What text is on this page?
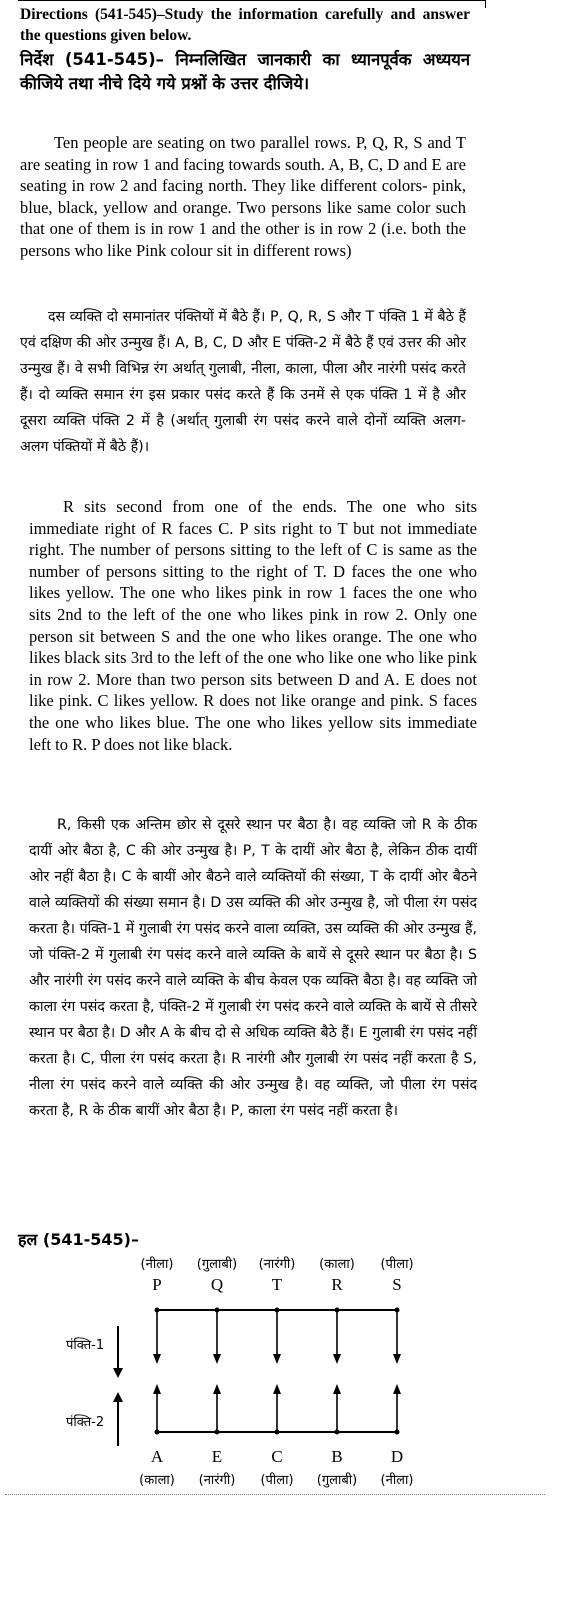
Directions (541-545)–Study the information carefully and answer the questions given below.
निर्देश (541-545)– निम्नलिखित जानकारी का ध्यानपूर्वक अध्ययन कीजिये तथा नीचे दिये गये प्रश्नों के उत्तर दीजिये।
Ten people are seating on two parallel rows. P, Q, R, S and T are seating in row 1 and facing towards south. A, B, C, D and E are seating in row 2 and facing north. They like different colors- pink, blue, black, yellow and orange. Two persons like same color such that one of them is in row 1 and the other is in row 2 (i.e. both the persons who like Pink colour sit in different rows)
दस व्यक्ति दो समानांतर पंक्तियों में बैठे हैं। P, Q, R, S और T पंक्ति 1 में बैठे हैं एवं दक्षिण की ओर उन्मुख हैं। A, B, C, D और E पंक्ति-2 में बैठे हैं एवं उत्तर की ओर उन्मुख हैं। वे सभी विभिन्न रंग अर्थात् गुलाबी, नीला, काला, पीला और नारंगी पसंद करते हैं। दो व्यक्ति समान रंग इस प्रकार पसंद करते हैं कि उनमें से एक पंक्ति 1 में है और दूसरा व्यक्ति पंक्ति 2 में है (अर्थात् गुलाबी रंग पसंद करने वाले दोनों व्यक्ति अलग-अलग पंक्तियों में बैठे हैं)।
R sits second from one of the ends. The one who sits immediate right of R faces C. P sits right to T but not immediate right. The number of persons sitting to the left of C is same as the number of persons sitting to the right of T. D faces the one who likes yellow. The one who likes pink in row 1 faces the one who sits 2nd to the left of the one who likes pink in row 2. Only one person sit between S and the one who likes orange. The one who likes black sits 3rd to the left of the one who like one who like pink in row 2. More than two person sits between D and A. E does not like pink. C likes yellow. R does not like orange and pink. S faces the one who likes blue. The one who likes yellow sits immediate left to R. P does not like black.
R, किसी एक अन्तिम छोर से दूसरे स्थान पर बैठा है। वह व्यक्ति जो R के ठीक दायीं ओर बैठा है, C की ओर उन्मुख है। P, T के दायीं ओर बैठा है, लेकिन ठीक दायीं ओर नहीं बैठा है। C के बायीं ओर बैठने वाले व्यक्तियों की संख्या, T के दायीं ओर बैठने वाले व्यक्तियों की संख्या समान है। D उस व्यक्ति की ओर उन्मुख है, जो पीला रंग पसंद करता है। पंक्ति-1 में गुलाबी रंग पसंद करने वाला व्यक्ति, उस व्यक्ति की ओर उन्मुख हैं, जो पंक्ति-2 में गुलाबी रंग पसंद करने वाले व्यक्ति के बायें से दूसरे स्थान पर बैठा है। S और नारंगी रंग पसंद करने वाले व्यक्ति के बीच केवल एक व्यक्ति बैठा है। वह व्यक्ति जो काला रंग पसंद करता है, पंक्ति-2 में गुलाबी रंग पसंद करने वाले व्यक्ति के बायें से तीसरे स्थान पर बैठा है। D और A के बीच दो से अधिक व्यक्ति बैठे हैं। E गुलाबी रंग पसंद नहीं करता है। C, पीला रंग पसंद करता है। R नारंगी और गुलाबी रंग पसंद नहीं करता है S, नीला रंग पसंद करने वाले व्यक्ति की ओर उन्मुख है। वह व्यक्ति, जो पीला रंग पसंद करता है, R के ठीक बायीं ओर बैठा है। P, काला रंग पसंद नहीं करता है।
हल (541-545)–
(नीला)
P
(गुलाबी)
Q
(नारंगी)
T
(काला)
R
(पीला)
S
पंक्ति-1
पंक्ति-2
A
(काला)
E
(नारंगी)
C
(पीला)
B
(गुलाबी)
D
(नीला)
